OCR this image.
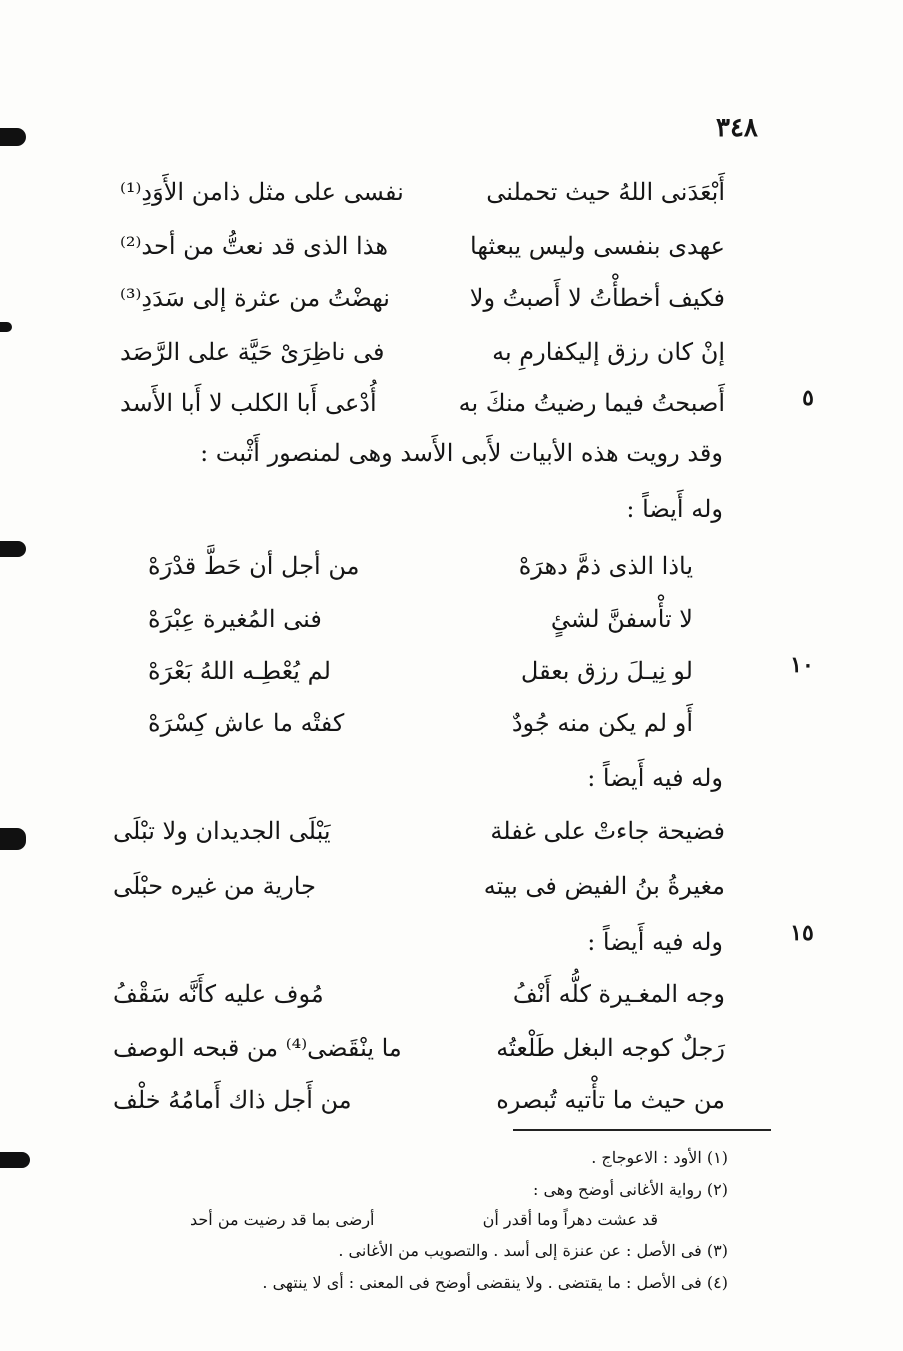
٣٤٨
أَبْعَدَنى اللهُ حيث تحملنى
نفسى على مثل ذامن الأَوَدِ⁽¹⁾
عهدى بنفسى وليس يبعثها
هذا الذى قد نعتُّ من أحد⁽²⁾
فكيف أخطأْتُ لا أَصبتُ ولا
نهضْتُ من عثرة إلى سَدَدِ⁽³⁾
إنْ كان رزق إليكفارمِ به
فى ناظِرَىْ حَيَّة على الرَّصَد
أَصبحتُ فيما رضيتُ منكَ به
أُدْعى أَبا الكلب لا أَبا الأَسد	٥
وقد رويت هذه الأبيات لأَبى الأَسد وهى لمنصور أَثْبت :
وله أَيضاً :
ياذا الذى ذمَّ دهرَهْ
من أجل أن حَطَّ قدْرَهْ
لا تأْسفنَّ لشئٍ
فنى المُغيرة عِبْرَهْ
لو نِيـلَ رزق بعقل
لم يُعْطِـه اللهُ بَعْرَهْ	١٠
أَو لم يكن منه جُودٌ
كفتْه ما عاش كِسْرَهْ
وله فيه أَيضاً :
فضيحة جاءتْ على غفلة
يَبْلَى الجديدان ولا تبْلَى
مغيرةُ بنُ الفيض فى بيته
جارية من غيره حبْلَى
وله فيه أَيضاً :	١٥
وجه المغـيرة كلُّه أَنْفُ
مُوف عليه كأَنَّه سَقْفُ
رَجلٌ كوجه البغل طَلْعتُه
ما ينْقَضى⁽⁴⁾ من قبحه الوصف
من حيث ما تأْتيه تُبصره
من أَجل ذاك أَمامُهُ خلْف
(١) الأود : الاعوجاج .
(٢) رواية الأغانى أوضح وهى :
قد عشت دهراً وما أقدر أن
أرضى بما قد رضيت من أحد
(٣) فى الأصل : عن عنزة إلى أسد . والتصويب من الأغانى .
(٤) فى الأصل : ما يقتضى . ولا ينقضى أوضح فى المعنى : أى لا ينتهى .
